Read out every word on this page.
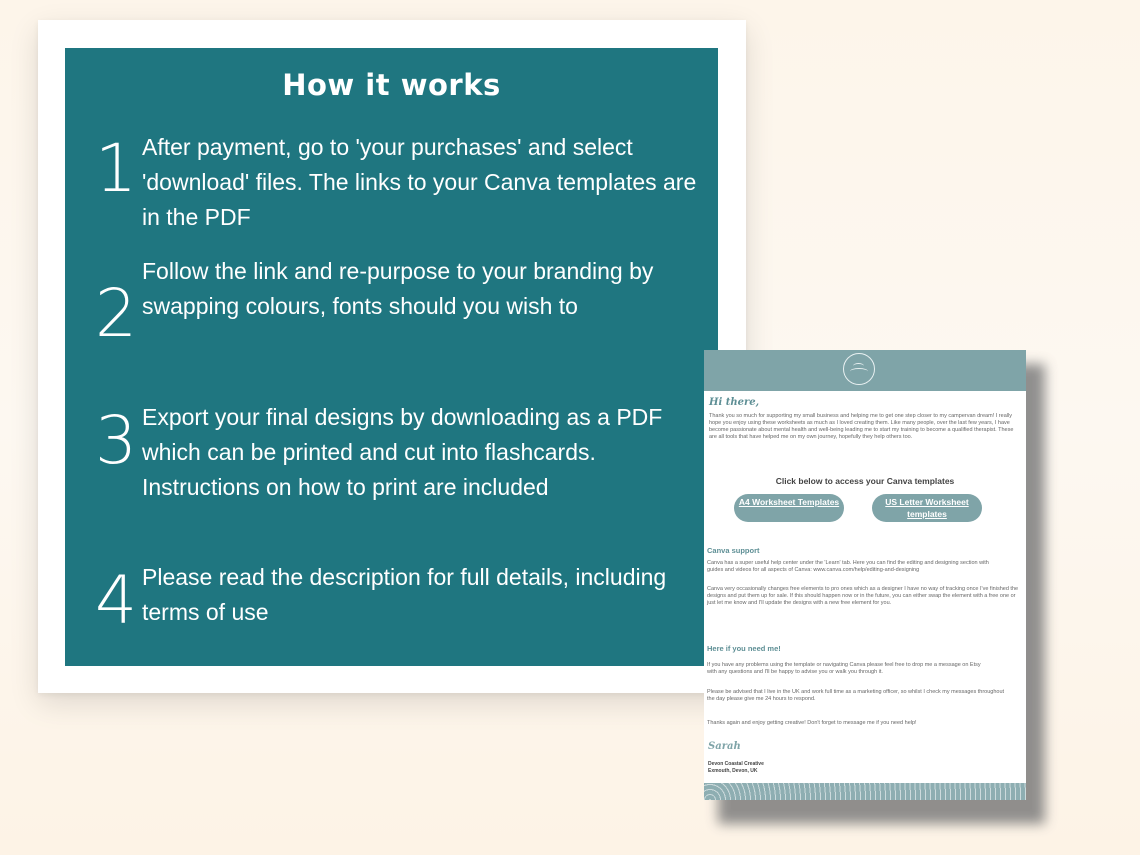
How it works
1 After payment, go to 'your purchases' and select 'download' files. The links to your Canva templates are in the PDF
2
Follow the link and re-purpose to your branding by swapping colours, fonts should you wish to
3 Export your final designs by downloading as a PDF which can be printed and cut into flashcards. Instructions on how to print are included
4 Please read the description for full details, including terms of use
Hi there,

Thank you so much for supporting my small business and helping me to get one step closer to my campervan dream! I really hope you enjoy using these worksheets as much as I loved creating them. Like many people, over the last few years, I have become passionate about mental health and well-being leading me to start my training to become a qualified therapist. These are all tools that have helped me on my own journey, hopefully they help others too.

Click below to access your Canva templates
A4 Worksheet Templates	US Letter Worksheet templates
Canva support

Canva has a super useful help center under the 'Learn' tab. Here you can find the editing and designing section with guides and videos for all aspects of Canva: www.canva.com/help/editing-and-designing

Canva very occasionally changes free elements to pro ones which as a designer I have no way of tracking once I've finished the designs and put them up for sale. If this should happen now or in the future, you can either swap the element with a free one or just let me know and I'll update the designs with a new free element for you.

Here if you need me!

If you have any problems using the template or navigating Canva please feel free to drop me a message on Etsy with any questions and I'll be happy to advise you or walk you through it.

Please be advised that I live in the UK and work full time as a marketing officer, so whilst I check my messages throughout the day please give me 24 hours to respond.

Thanks again and enjoy getting creative! Don't forget to message me if you need help!

Sarah
Devon Coastal Creative
Exmouth, Devon, UK
